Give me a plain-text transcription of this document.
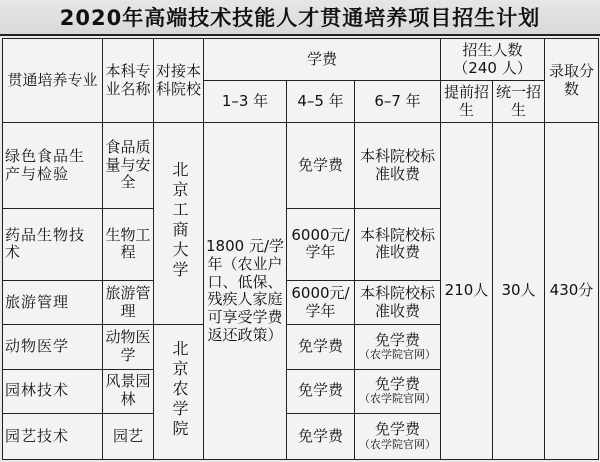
2020年高端技术技能人才贯通培养项目招生计划
贯通培养专业	本科专业名称	对接本科院校	学费			招生人数（240 人）		录取分数
			1–3 年	4–5 年	6–7 年	提前招生	统一招生	
绿色食品生产与检验	食品质量与安全	北京工商大学	1800 元/学年（农业户口、低保、残疾人家庭可享受学费返还政策）	免学费	本科院校标准收费	210人	30人	430分
药品生物技术	生物工程			6000元/学年	本科院校标准收费			
旅游管理	旅游管理			6000元/学年	本科院校标准收费			
动物医学	动物医学	北京农学院		免学费	免学费
（农学院官网）			

园林技术	风景园林			免学费	免学费
（农学院官网）			

园艺技术	园艺			免学费	免学费
（农学院官网）			
